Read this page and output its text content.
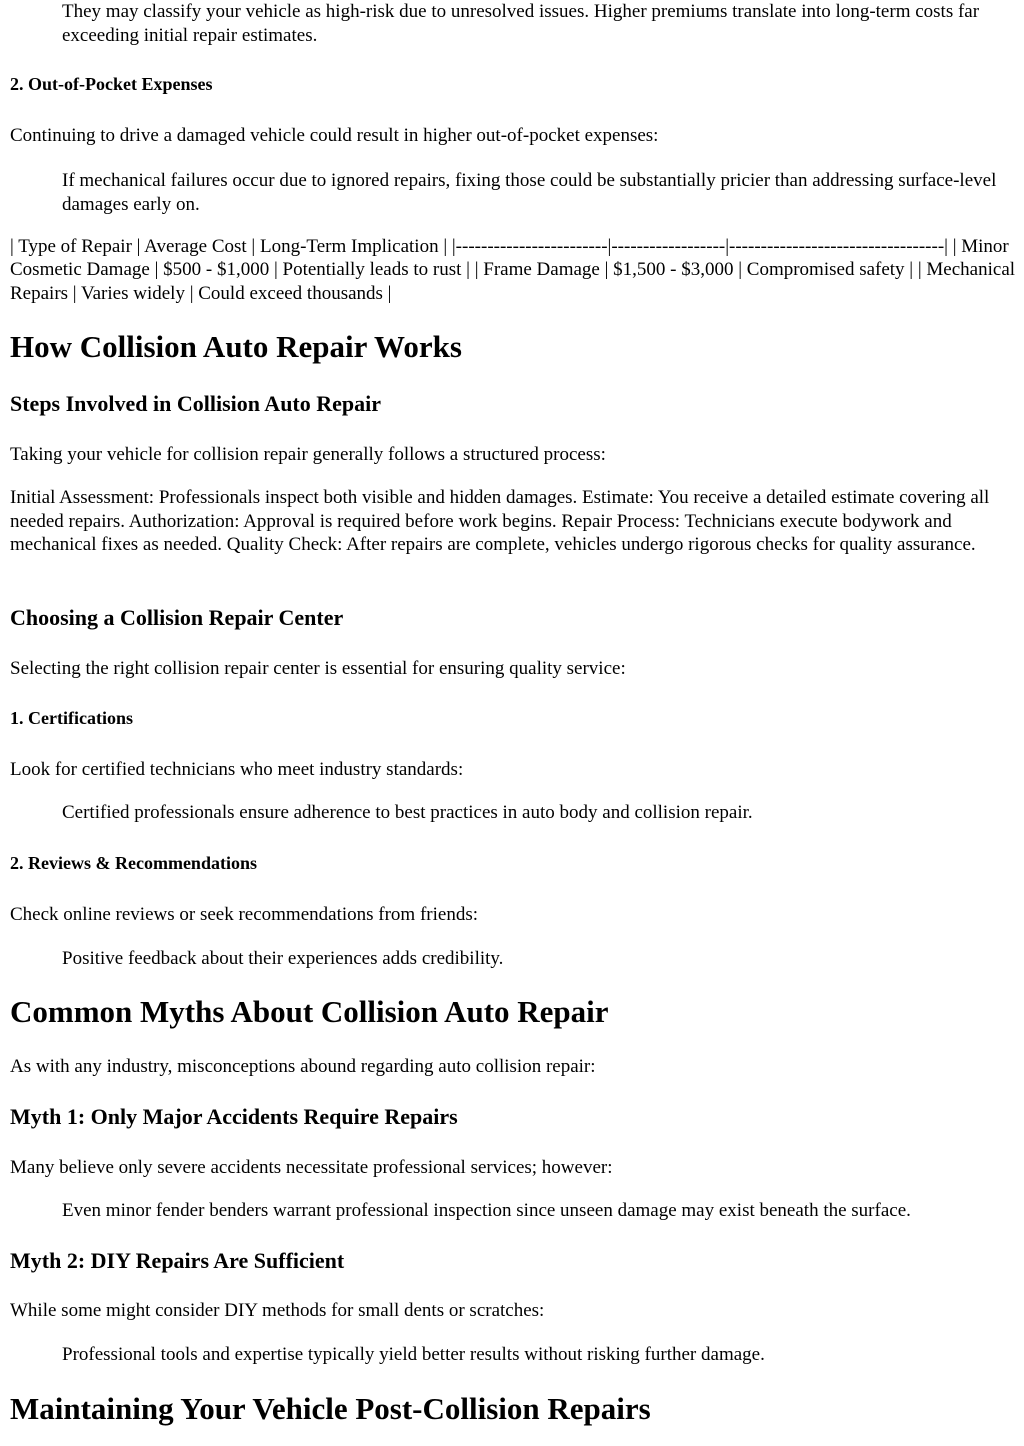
They may classify your vehicle as high-risk due to unresolved issues. Higher premiums translate into long-term costs far exceeding initial repair estimates.

2. Out-of-Pocket Expenses

Continuing to drive a damaged vehicle could result in higher out-of-pocket expenses:

If mechanical failures occur due to ignored repairs, fixing those could be substantially pricier than addressing surface-level damages early on.

| Type of Repair | Average Cost | Long-Term Implication | |------------------------|------------------|----------------------------------| | Minor Cosmetic Damage | $500 - $1,000 | Potentially leads to rust | | Frame Damage | $1,500 - $3,000 | Compromised safety | | Mechanical Repairs | Varies widely | Could exceed thousands |

How Collision Auto Repair Works
Steps Involved in Collision Auto Repair

Taking your vehicle for collision repair generally follows a structured process:

Initial Assessment: Professionals inspect both visible and hidden damages. Estimate: You receive a detailed estimate covering all needed repairs. Authorization: Approval is required before work begins. Repair Process: Technicians execute bodywork and mechanical fixes as needed. Quality Check: After repairs are complete, vehicles undergo rigorous checks for quality assurance.

Choosing a Collision Repair Center

Selecting the right collision repair center is essential for ensuring quality service:

1. Certifications

Look for certified technicians who meet industry standards:

Certified professionals ensure adherence to best practices in auto body and collision repair.

2. Reviews & Recommendations

Check online reviews or seek recommendations from friends:

Positive feedback about their experiences adds credibility.

Common Myths About Collision Auto Repair

As with any industry, misconceptions abound regarding auto collision repair:

Myth 1: Only Major Accidents Require Repairs

Many believe only severe accidents necessitate professional services; however:

Even minor fender benders warrant professional inspection since unseen damage may exist beneath the surface.

Myth 2: DIY Repairs Are Sufficient

While some might consider DIY methods for small dents or scratches:

Professional tools and expertise typically yield better results without risking further damage.

Maintaining Your Vehicle Post-Collision Repairs
